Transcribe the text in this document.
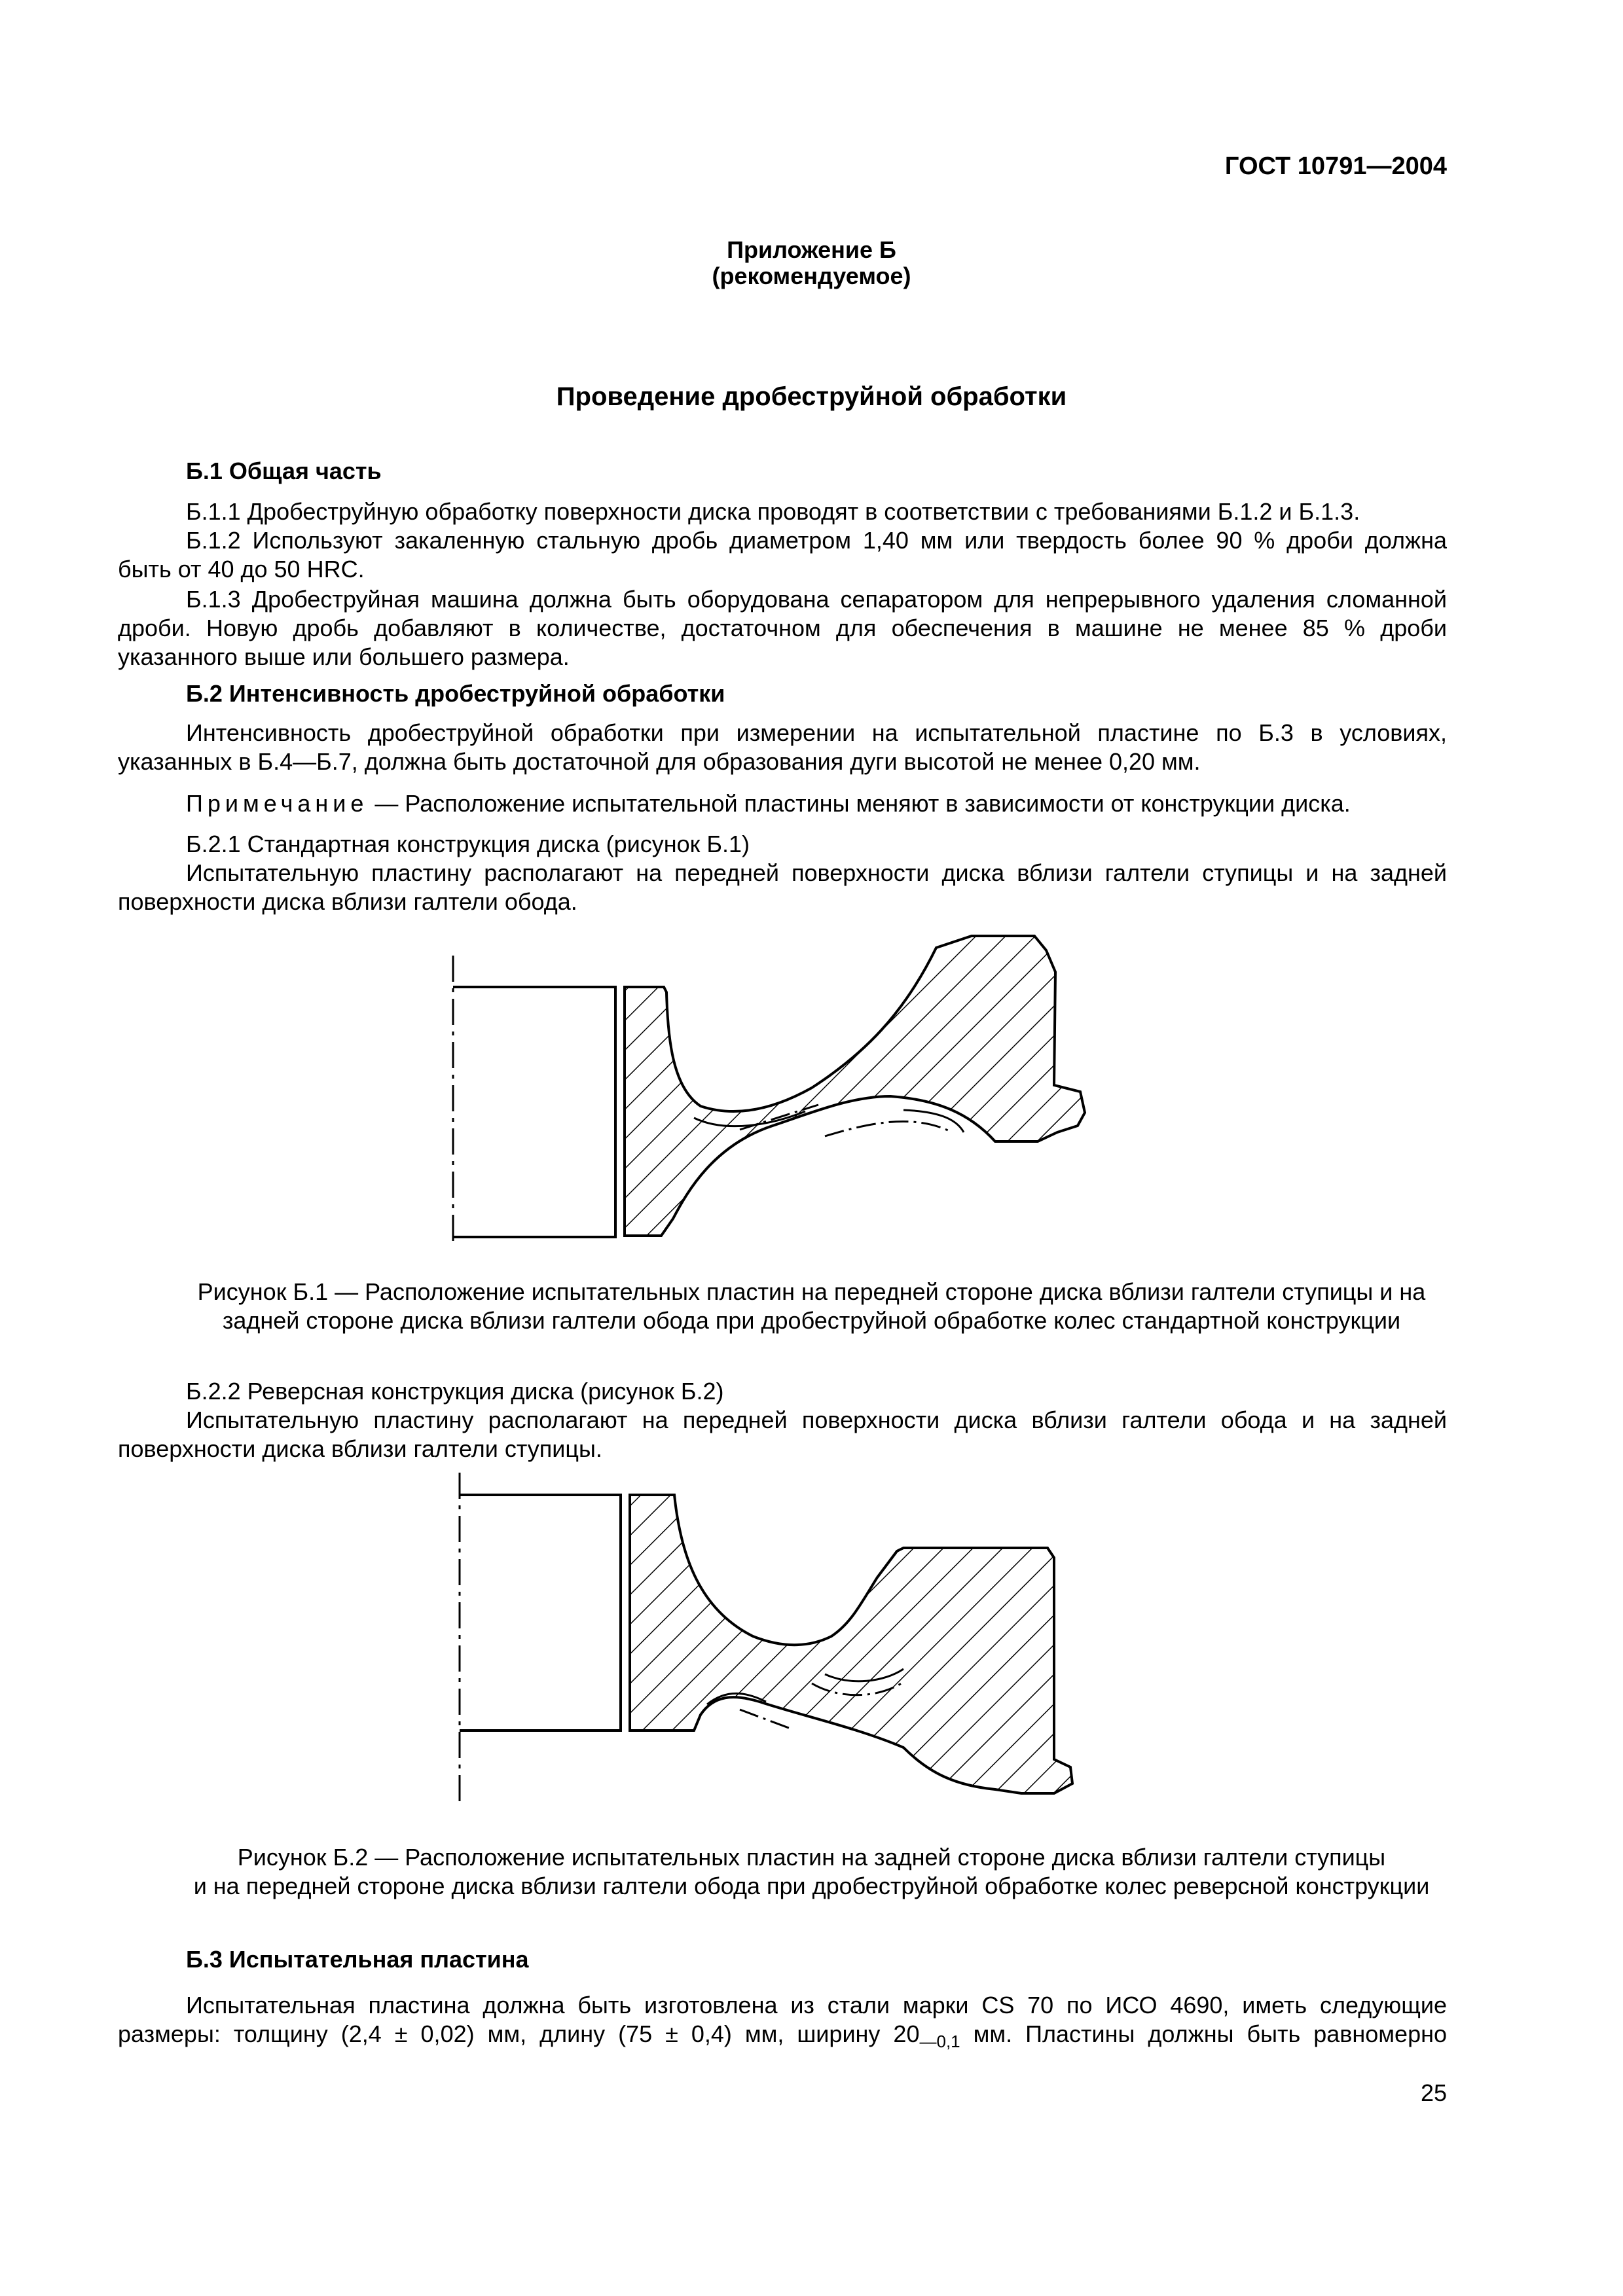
ГОСТ 10791—2004
Приложение Б
(рекомендуемое)
Проведение дробеструйной обработки
Б.1 Общая часть
Б.1.1 Дробеструйную обработку поверхности диска проводят в соответствии с требованиями Б.1.2 и Б.1.3.
Б.1.2 Используют закаленную стальную дробь диаметром 1,40 мм или твердость более 90 % дроби должна
быть от 40 до 50 HRC.
Б.1.3 Дробеструйная машина должна быть оборудована сепаратором для непрерывного удаления сломанной
дроби. Новую дробь добавляют в количестве, достаточном для обеспечения в машине не менее 85 % дроби
указанного выше или большего размера.
Б.2 Интенсивность дробеструйной обработки
Интенсивность дробеструйной обработки при измерении на испытательной пластине по Б.3 в условиях,
указанных в Б.4—Б.7, должна быть достаточной для образования дуги высотой не менее 0,20 мм.
Примечание — Расположение испытательной пластины меняют в зависимости от конструкции диска.
Б.2.1 Стандартная конструкция диска (рисунок Б.1)
Испытательную пластину располагают на передней поверхности диска вблизи галтели ступицы и на задней
поверхности диска вблизи галтели обода.
Рисунок Б.1 — Расположение испытательных пластин на передней стороне диска вблизи галтели ступицы и на
задней стороне диска вблизи галтели обода при дробеструйной обработке колес стандартной конструкции
Б.2.2 Реверсная конструкция диска (рисунок Б.2)
Испытательную пластину располагают на передней поверхности диска вблизи галтели обода и на задней
поверхности диска вблизи галтели ступицы.
Рисунок Б.2 — Расположение испытательных пластин на задней стороне диска вблизи галтели ступицы
и на передней стороне диска вблизи галтели обода при дробеструйной обработке колес реверсной конструкции
Б.3 Испытательная пластина
Испытательная пластина должна быть изготовлена из стали марки CS 70 по ИСО 4690, иметь следующие
размеры: толщину (2,4 ± 0,02) мм, длину (75 ± 0,4) мм, ширину $20_{—0,1}$ мм. Пластины должны быть равномерно
25
